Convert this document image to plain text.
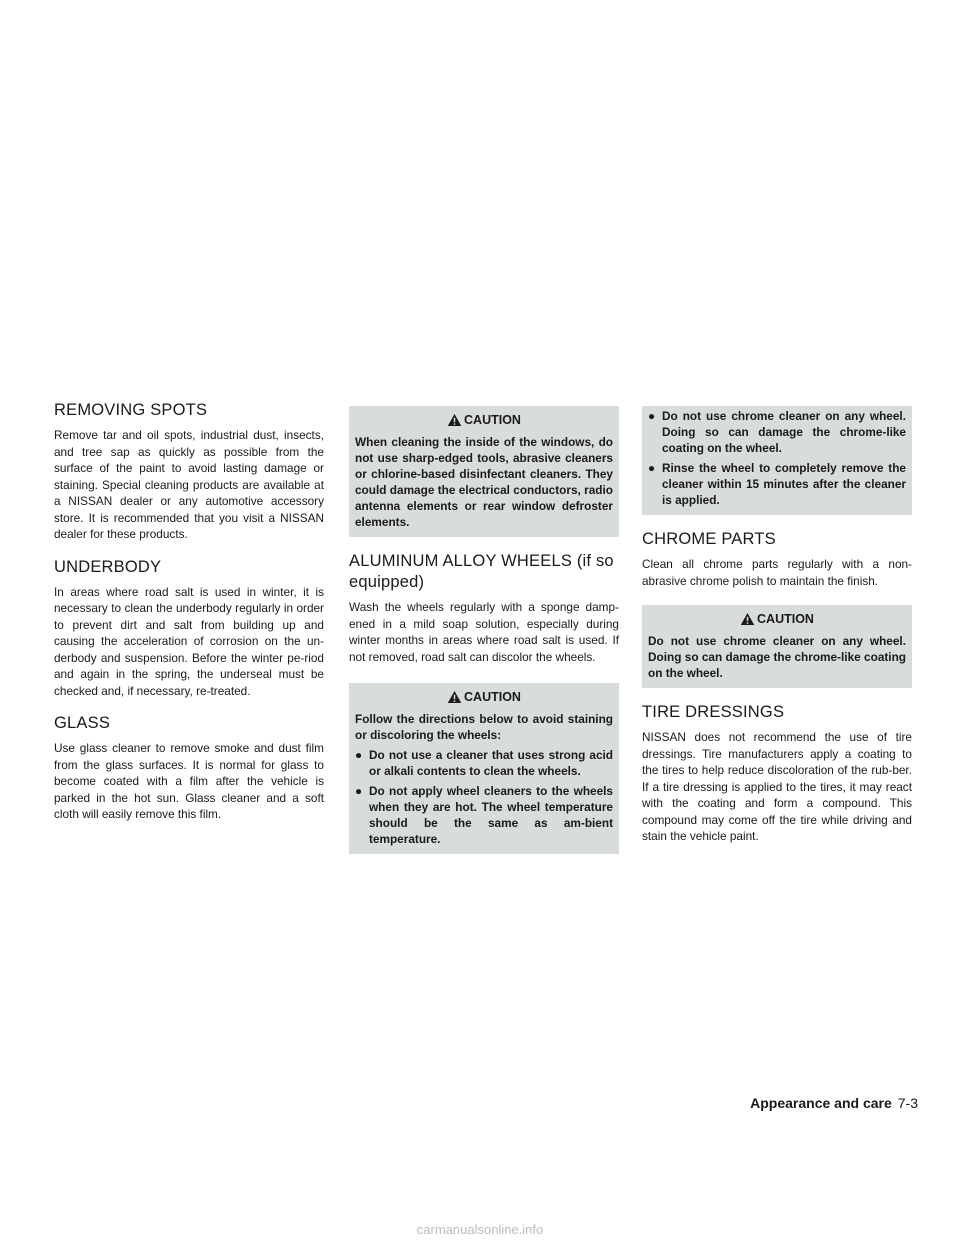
REMOVING SPOTS

Remove tar and oil spots, industrial dust, insects, and tree sap as quickly as possible from the surface of the paint to avoid lasting damage or staining. Special cleaning products are available at a NISSAN dealer or any automotive accessory store. It is recommended that you visit a NISSAN dealer for these products.

UNDERBODY

In areas where road salt is used in winter, it is necessary to clean the underbody regularly in order to prevent dirt and salt from building up and causing the acceleration of corrosion on the un-derbody and suspension. Before the winter pe-riod and again in the spring, the underseal must be checked and, if necessary, re-treated.

GLASS

Use glass cleaner to remove smoke and dust film from the glass surfaces. It is normal for glass to become coated with a film after the vehicle is parked in the hot sun. Glass cleaner and a soft cloth will easily remove this film.

CAUTION

When cleaning the inside of the windows, do not use sharp-edged tools, abrasive cleaners or chlorine-based disinfectant cleaners. They could damage the electrical conductors, radio antenna elements or rear window defroster elements.

ALUMINUM ALLOY WHEELS (if so equipped)

Wash the wheels regularly with a sponge damp-ened in a mild soap solution, especially during winter months in areas where road salt is used. If not removed, road salt can discolor the wheels.

CAUTION

Follow the directions below to avoid staining or discoloring the wheels:

● Do not use a cleaner that uses strong acid or alkali contents to clean the wheels.
● Do not apply wheel cleaners to the wheels when they are hot. The wheel temperature should be the same as am-bient temperature.
● Do not use chrome cleaner on any wheel. Doing so can damage the chrome-like coating on the wheel.
● Rinse the wheel to completely remove the cleaner within 15 minutes after the cleaner is applied.
CHROME PARTS

Clean all chrome parts regularly with a non-abrasive chrome polish to maintain the finish.

CAUTION

Do not use chrome cleaner on any wheel. Doing so can damage the chrome-like coating on the wheel.

TIRE DRESSINGS

NISSAN does not recommend the use of tire dressings. Tire manufacturers apply a coating to the tires to help reduce discoloration of the rub-ber. If a tire dressing is applied to the tires, it may react with the coating and form a compound. This compound may come off the tire while driving and stain the vehicle paint.

Appearance and care 7-3
carmanualsonline.info
